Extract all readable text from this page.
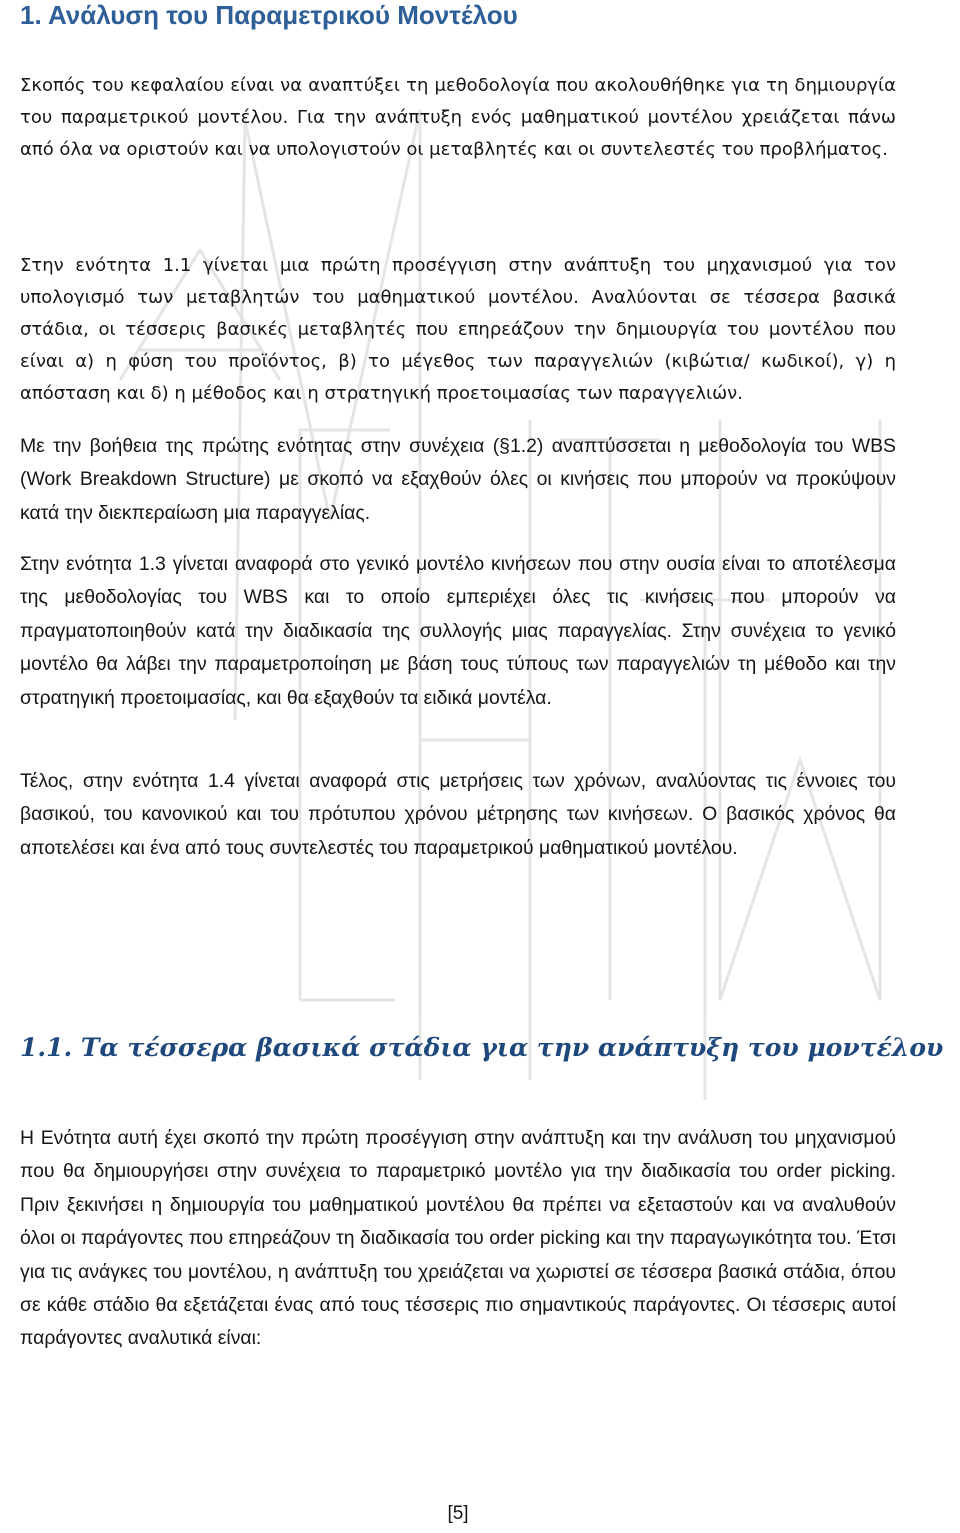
1. Ανάλυση του Παραμετρικού Μοντέλου

Σκοπός του κεφαλαίου είναι να αναπτύξει τη μεθοδολογία που ακολουθήθηκε για τη δημιουργία του παραμετρικού μοντέλου. Για την ανάπτυξη ενός μαθηματικού μοντέλου χρειάζεται πάνω από όλα να οριστούν και να υπολογιστούν οι μεταβλητές και οι συντελεστές του προβλήματος.

Στην ενότητα 1.1 γίνεται μια πρώτη προσέγγιση στην ανάπτυξη του μηχανισμού για τον υπολογισμό των μεταβλητών του μαθηματικού μοντέλου. Αναλύονται σε τέσσερα βασικά στάδια, οι τέσσερις βασικές μεταβλητές που επηρεάζουν την δημιουργία του μοντέλου που είναι α) η φύση του προϊόντος, β) το μέγεθος των παραγγελιών (κιβώτια/ κωδικοί), γ) η απόσταση και δ) η μέθοδος και η στρατηγική προετοιμασίας των παραγγελιών.

Με την βοήθεια της πρώτης ενότητας στην συνέχεια (§1.2) αναπτύσσεται η μεθοδολογία του WBS (Work Breakdown Structure) με σκοπό να εξαχθούν όλες οι κινήσεις που μπορούν να προκύψουν κατά την διεκπεραίωση μια παραγγελίας.

Στην ενότητα 1.3 γίνεται αναφορά στο γενικό μοντέλο κινήσεων που στην ουσία είναι το αποτέλεσμα της μεθοδολογίας του WBS και το οποίο εμπεριέχει όλες τις κινήσεις που μπορούν να πραγματοποιηθούν κατά την διαδικασία της συλλογής μιας παραγγελίας. Στην συνέχεια το γενικό μοντέλο θα λάβει την παραμετροποίηση με βάση τους τύπους των παραγγελιών τη μέθοδο και την στρατηγική προετοιμασίας, και θα εξαχθούν τα ειδικά μοντέλα.

Τέλος, στην ενότητα 1.4 γίνεται αναφορά στις μετρήσεις των χρόνων, αναλύοντας τις έννοιες του βασικού, του κανονικού και του πρότυπου χρόνου μέτρησης των κινήσεων. Ο βασικός χρόνος θα αποτελέσει και ένα από τους συντελεστές του παραμετρικού μαθηματικού μοντέλου.

1.1. Τα τέσσερα βασικά στάδια για την ανάπτυξη του μοντέλου

Η Ενότητα αυτή έχει σκοπό την πρώτη προσέγγιση στην ανάπτυξη και την ανάλυση του μηχανισμού που θα δημιουργήσει στην συνέχεια το παραμετρικό μοντέλο για την διαδικασία του order picking. Πριν ξεκινήσει η δημιουργία του μαθηματικού μοντέλου θα πρέπει να εξεταστούν και να αναλυθούν όλοι οι παράγοντες που επηρεάζουν τη διαδικασία του order picking και την παραγωγικότητα του. Έτσι για τις ανάγκες του μοντέλου, η ανάπτυξη του χρειάζεται να χωριστεί σε τέσσερα βασικά στάδια, όπου σε κάθε στάδιο θα εξετάζεται ένας από τους τέσσερις πιο σημαντικούς παράγοντες. Οι τέσσερις αυτοί παράγοντες αναλυτικά είναι:

[5]
